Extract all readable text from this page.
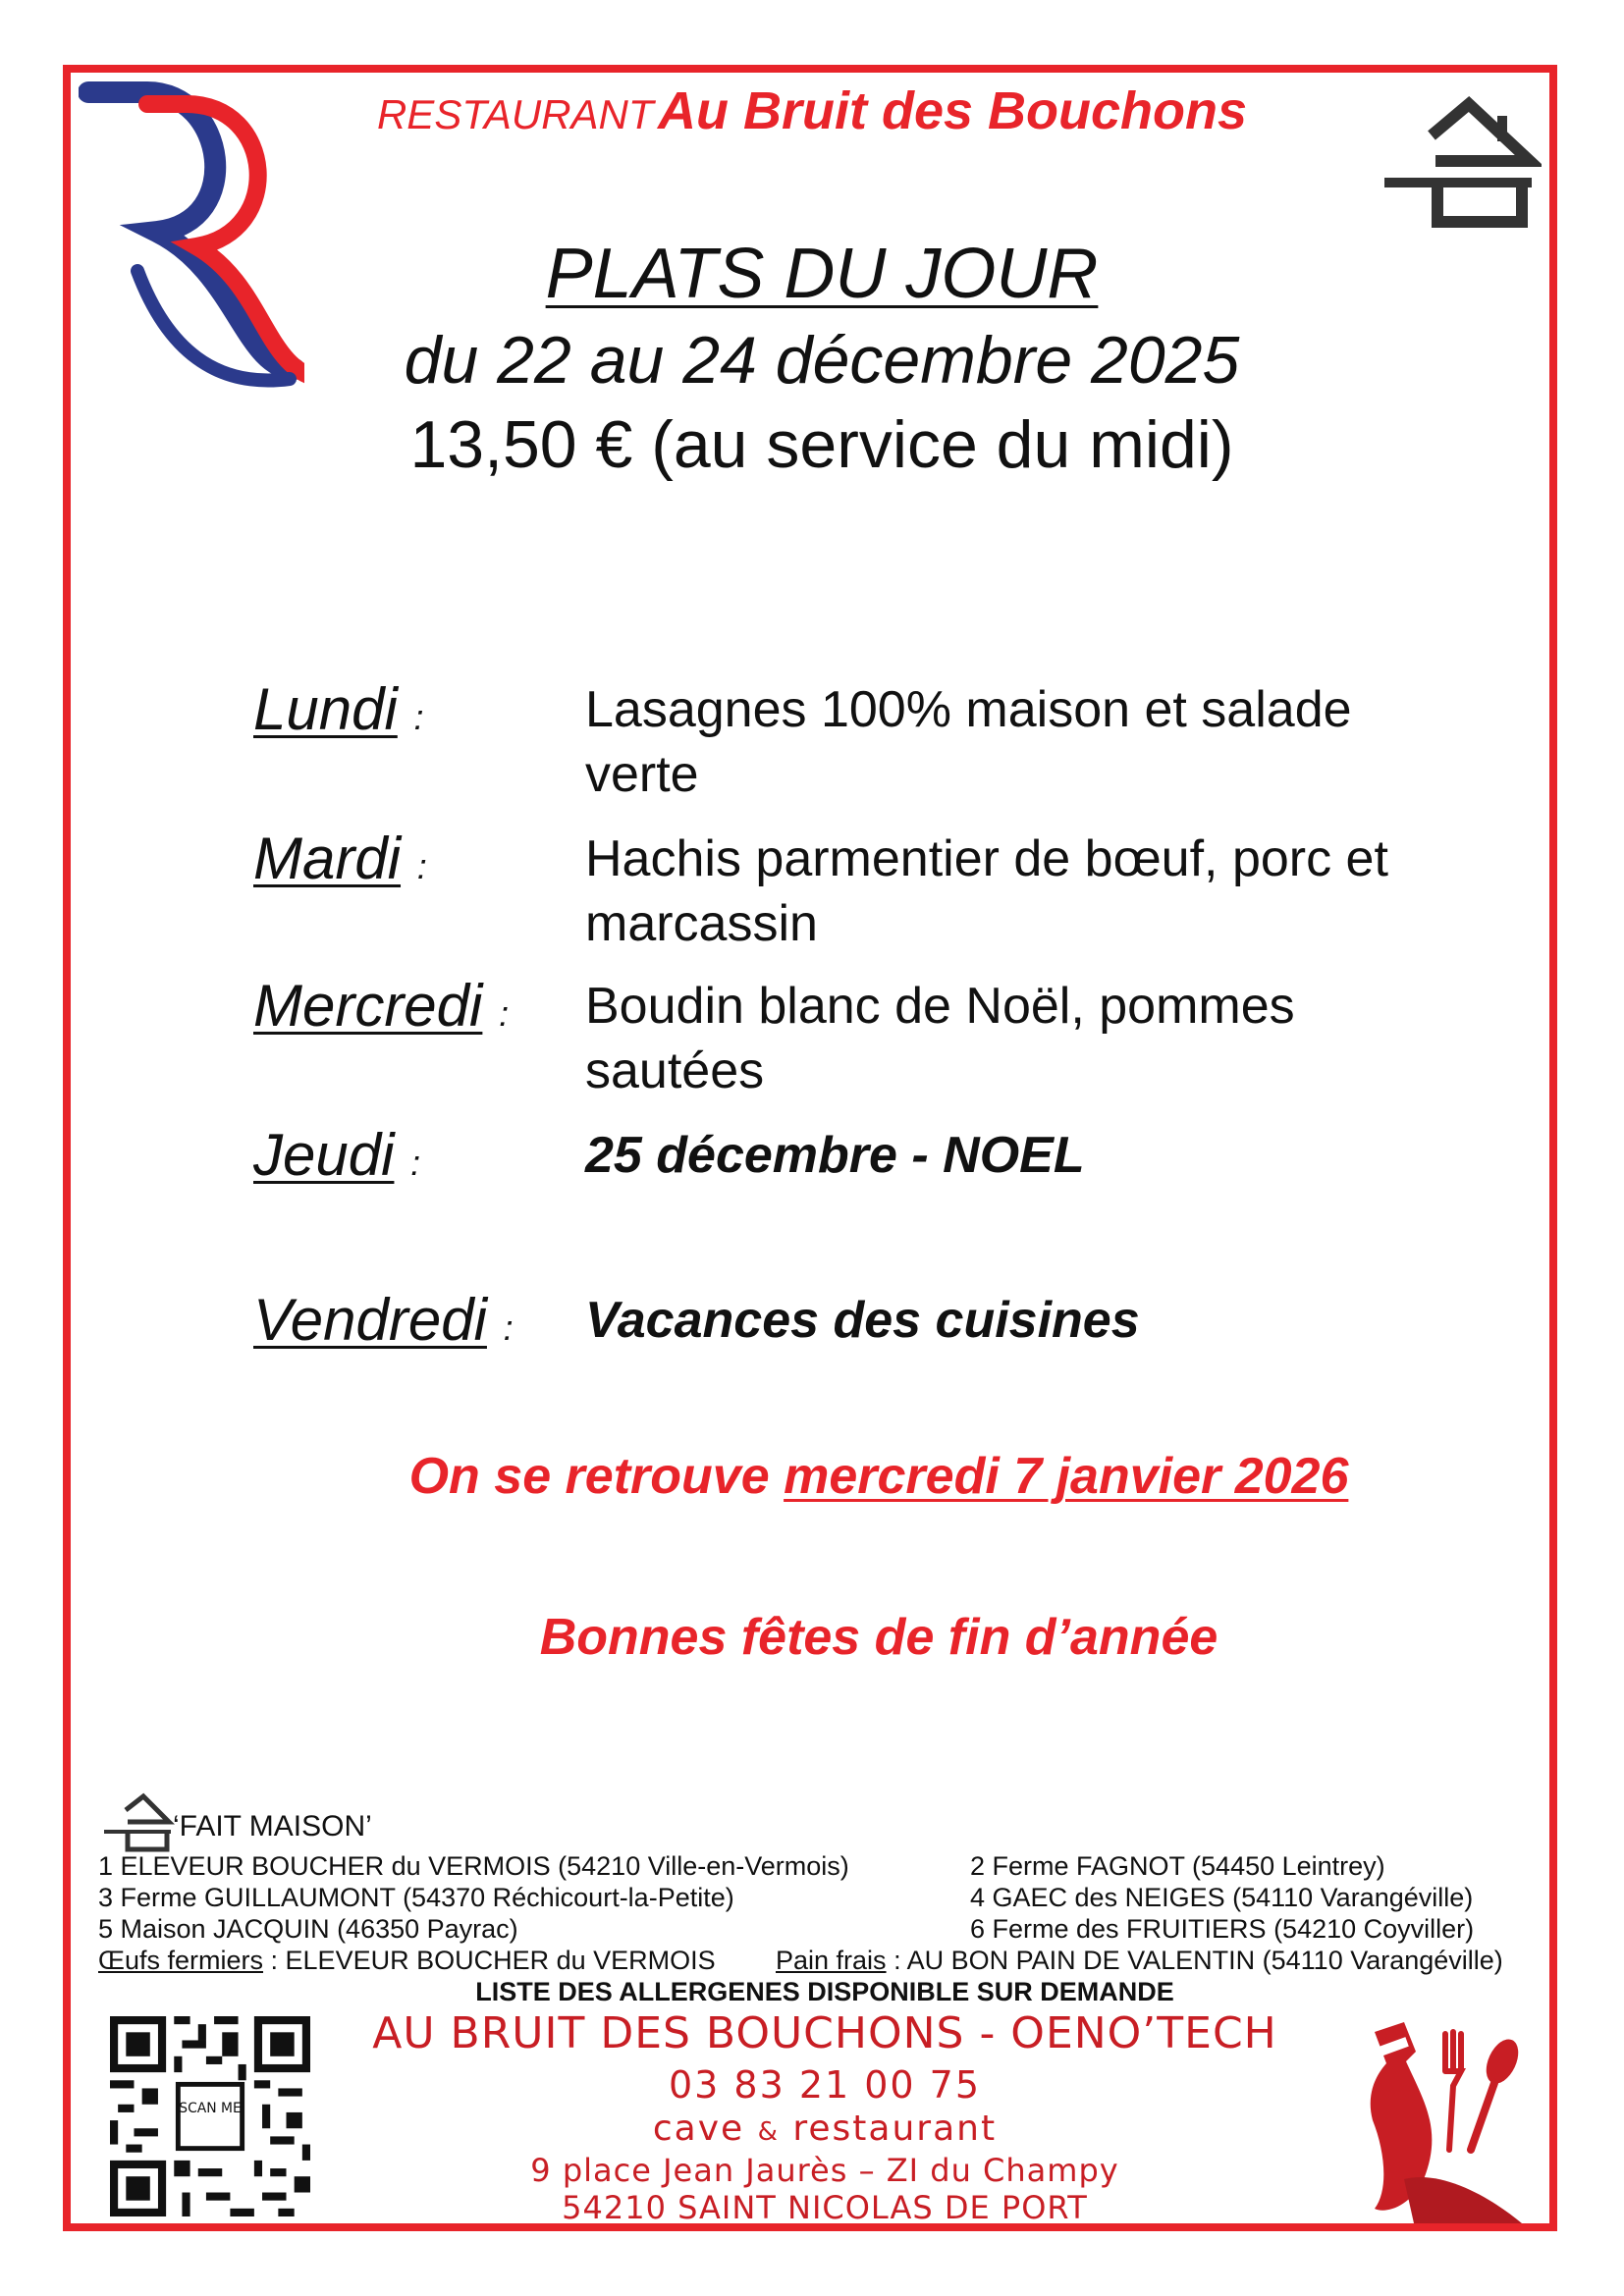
RESTAURANT Au Bruit des Bouchons
PLATS DU JOUR
du 22 au 24 décembre 2025
13,50 € (au service du midi)
Lundi :	Lasagnes 100% maison et salade
verte
Mardi :	Hachis parmentier de bœuf, porc et
marcassin
Mercredi : Boudin blanc de Noël, pommes
sautées
Jeudi :	25 décembre - NOEL
Vendredi : Vacances des cuisines
On se retrouve mercredi 7 janvier 2026
Bonnes fêtes de fin d’année
‘FAIT MAISON’
1 ELEVEUR BOUCHER du VERMOIS (54210 Ville-en-Vermois)	2 Ferme FAGNOT (54450 Leintrey)
3 Ferme GUILLAUMONT (54370 Réchicourt-la-Petite)	4 GAEC des NEIGES (54110 Varangéville)
5 Maison JACQUIN (46350 Payrac)	6 Ferme des FRUITIERS (54210 Coyviller)
Œufs fermiers : ELEVEUR BOUCHER du VERMOIS Pain frais : AU BON PAIN DE VALENTIN (54110 Varangéville)
LISTE DES ALLERGENES DISPONIBLE SUR DEMANDE
SCAN ME
AU BRUIT DES BOUCHONS - OENO’TECH
03 83 21 00 75
cave & restaurant
9 place Jean Jaurès – ZI du Champy
54210 SAINT NICOLAS DE PORT
